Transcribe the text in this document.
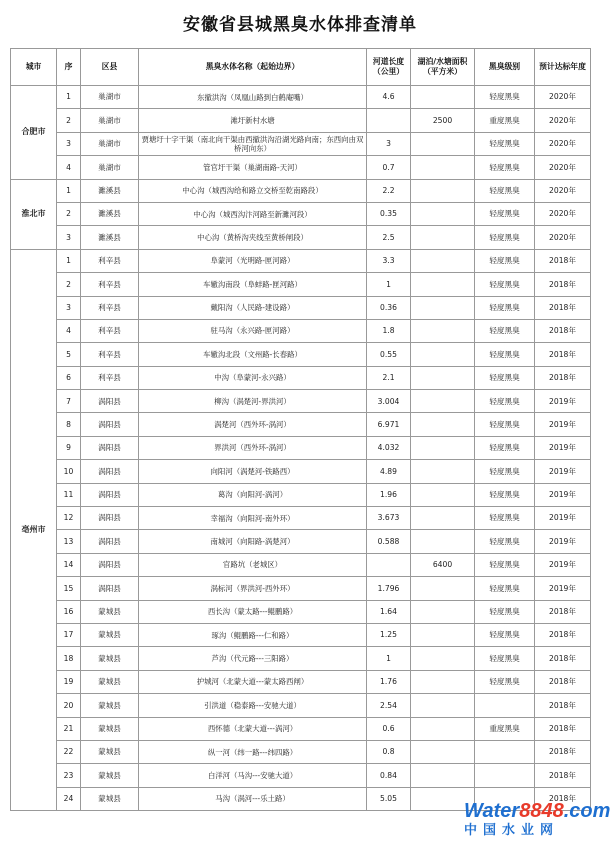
安徽省县城黑臭水体排查清单
城市	序	区县	黑臭水体名称（起始边界）	河道长度（公里）	湖泊/水塘面积（平方米）	黑臭级别	预计达标年度
合肥市	1	巢湖市	东撤洪沟（凤凰山路到白鹤庵嘴）	4.6		轻度黑臭	2020年
	2	巢湖市	滩圩新村水塘		2500	重度黑臭	2020年
	3	巢湖市	贾塘圩十字干渠（南北向干渠由西撤洪沟沿湖光路向南；东西向由双桥河向东）	3		轻度黑臭	2020年
	4	巢湖市	管官圩干渠（巢湖南路-天河）	0.7		轻度黑臭	2020年
淮北市	1	濉溪县	中心沟（城西沟给和路立交桥至乾南路段）	2.2		轻度黑臭	2020年
	2	濉溪县	中心沟（城西沟汴河路至新濉河段）	0.35		轻度黑臭	2020年
	3	濉溪县	中心沟（黄桥沟夹线至黄桥闸段）	2.5		轻度黑臭	2020年
亳州市	1	利辛县	阜蒙河（光明路-匣河路）	3.3		轻度黑臭	2018年
	2	利辛县	车辙沟南段（阜蚌路-匣河路）	1		轻度黑臭	2018年
	3	利辛县	戴阳沟（人民路-建设路）	0.36		轻度黑臭	2018年
	4	利辛县	驻马沟（永兴路-匣河路）	1.8		轻度黑臭	2018年
	5	利辛县	车辙沟北段（文州路-长春路）	0.55		轻度黑臭	2018年
	6	利辛县	中沟（阜蒙河-永兴路）	2.1		轻度黑臭	2018年
	7	涡阳县	柳沟（涡楚河-界洪河）	3.004		轻度黑臭	2019年
	8	涡阳县	涡楚河（西外环-涡河）	6.971		轻度黑臭	2019年
	9	涡阳县	界洪河（西外环-涡河）	4.032		轻度黑臭	2019年
	10	涡阳县	向阳河（涡楚河-铁路西）	4.89		轻度黑臭	2019年
	11	涡阳县	葛沟（向阳河-涡河）	1.96		轻度黑臭	2019年
	12	涡阳县	幸福沟（向阳河-南外环）	3.673		轻度黑臭	2019年
	13	涡阳县	南城河（向阳路-涡楚河）	0.588		轻度黑臭	2019年
	14	涡阳县	官路坑（老城区）		6400	轻度黑臭	2019年
	15	涡阳县	涡标河（界洪河-西外环）	1.796		轻度黑臭	2019年
	16	蒙城县	西长沟（蒙太路---鲲鹏路）	1.64		轻度黑臭	2018年
	17	蒙城县	琢沟（鲲鹏路---仁和路）	1.25		轻度黑臭	2018年
	18	蒙城县	芦沟（代元路---三阳路）	1		轻度黑臭	2018年
	19	蒙城县	护城河（北蒙大道---蒙太路西闸）	1.76		轻度黑臭	2018年
	20	蒙城县	引洪道（稳泰路---安驰大道）	2.54			2018年
	21	蒙城县	西怀德（北蒙大道---涡河）	0.6		重度黑臭	2018年
	22	蒙城县	纵一河（纬一路---纬四路）	0.8			2018年
	23	蒙城县	白洋河（马沟---安驰大道）	0.84			2018年
	24	蒙城县	马沟（涡河---乐土路）	5.05			2018年
Water8848.com
中国水业网
